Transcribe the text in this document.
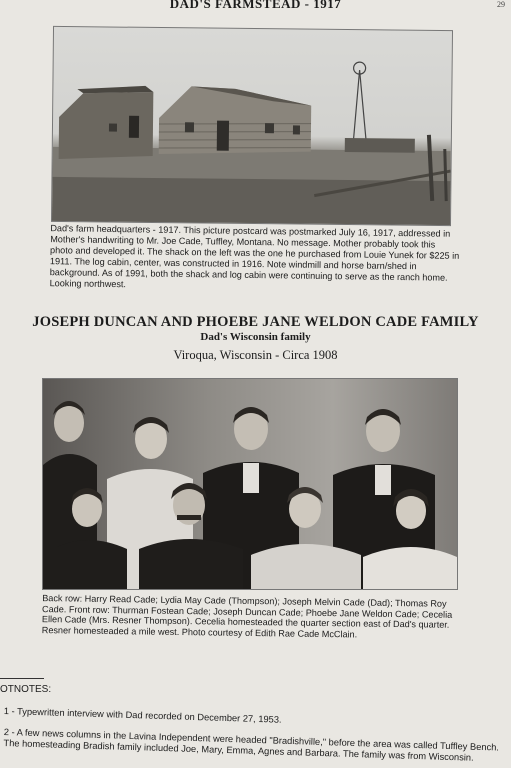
29
DAD'S FARMSTEAD - 1917
Dad's farm headquarters - 1917. This picture postcard was postmarked July 16, 1917, addressed in Mother's handwriting to Mr. Joe Cade, Tuffley, Montana. No message. Mother probably took this photo and developed it. The shack on the left was the one he purchased from Louie Yunek for $225 in 1911. The log cabin, center, was constructed in 1916. Note windmill and horse barn/shed in background. As of 1991, both the shack and log cabin were continuing to serve as the ranch home. Looking northwest.
JOSEPH DUNCAN AND PHOEBE JANE WELDON CADE FAMILY
Dad's Wisconsin family
Viroqua, Wisconsin - Circa 1908
Back row: Harry Read Cade; Lydia May Cade (Thompson); Joseph Melvin Cade (Dad); Thomas Roy Cade. Front row: Thurman Fostean Cade; Joseph Duncan Cade; Phoebe Jane Weldon Cade; Cecelia Ellen Cade (Mrs. Resner Thompson). Cecelia homesteaded the quarter section east of Dad's quarter. Resner homesteaded a mile west. Photo courtesy of Edith Rae Cade McClain.
OTNOTES:
1 - Typewritten interview with Dad recorded on December 27, 1953.
2 - A few news columns in the Lavina Independent were headed "Bradishville," before the area was called Tuffley Bench. The homesteading Bradish family included Joe, Mary, Emma, Agnes and Barbara. The family was from Wisconsin.
